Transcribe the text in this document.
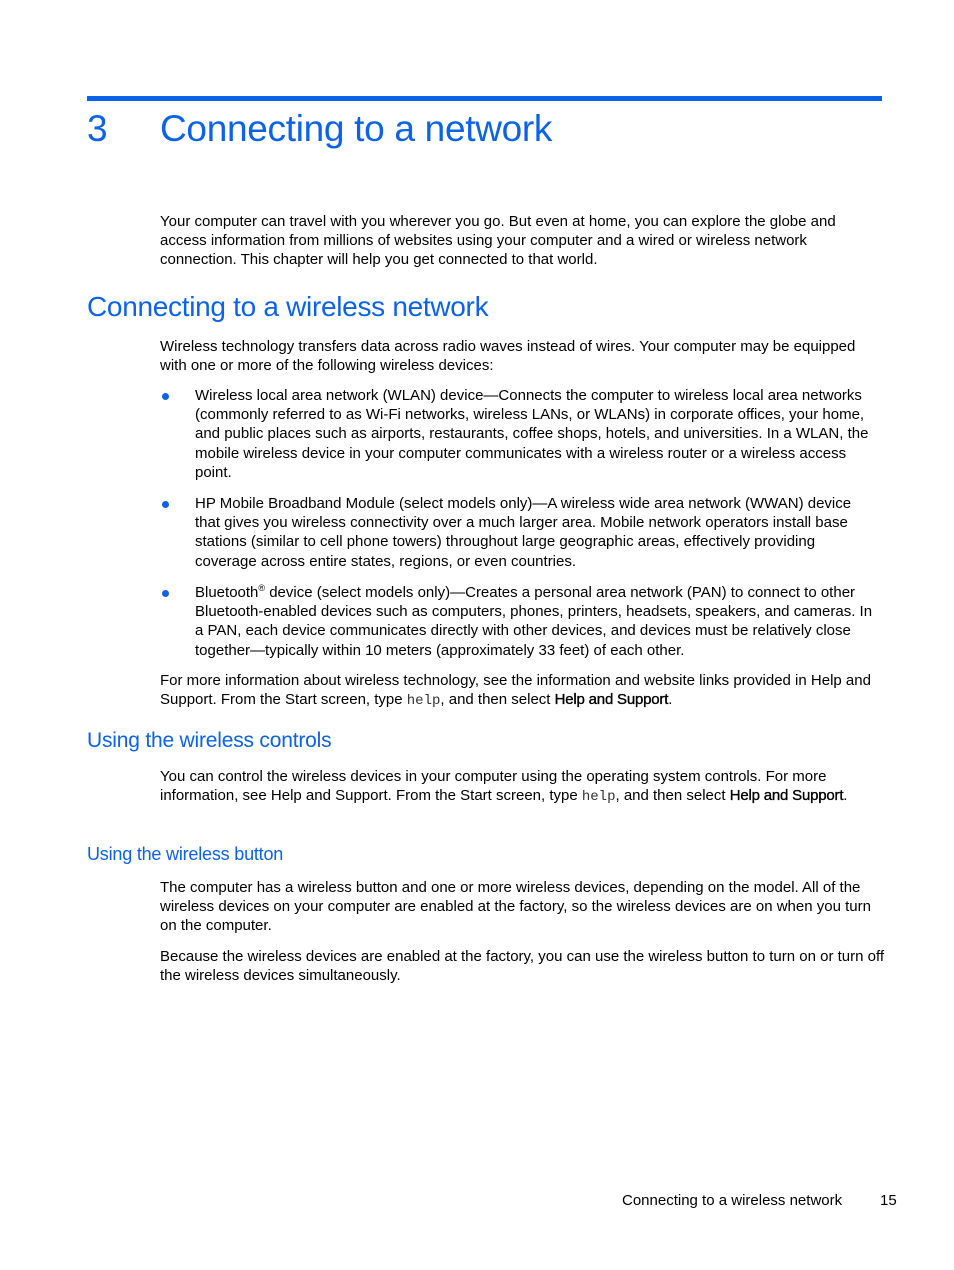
3 Connecting to a network

Your computer can travel with you wherever you go. But even at home, you can explore the globe and access information from millions of websites using your computer and a wired or wireless network connection. This chapter will help you get connected to that world.

Connecting to a wireless network

Wireless technology transfers data across radio waves instead of wires. Your computer may be equipped with one or more of the following wireless devices:

Wireless local area network (WLAN) device—Connects the computer to wireless local area networks (commonly referred to as Wi-Fi networks, wireless LANs, or WLANs) in corporate offices, your home, and public places such as airports, restaurants, coffee shops, hotels, and universities. In a WLAN, the mobile wireless device in your computer communicates with a wireless router or a wireless access point.
HP Mobile Broadband Module (select models only)—A wireless wide area network (WWAN) device that gives you wireless connectivity over a much larger area. Mobile network operators install base stations (similar to cell phone towers) throughout large geographic areas, effectively providing coverage across entire states, regions, or even countries.
Bluetooth® device (select models only)—Creates a personal area network (PAN) to connect to other Bluetooth-enabled devices such as computers, phones, printers, headsets, speakers, and cameras. In a PAN, each device communicates directly with other devices, and devices must be relatively close together—typically within 10 meters (approximately 33 feet) of each other.

For more information about wireless technology, see the information and website links provided in Help and Support. From the Start screen, type help, and then select Help and Support.

Using the wireless controls

You can control the wireless devices in your computer using the operating system controls. For more information, see Help and Support. From the Start screen, type help, and then select Help and Support.

Using the wireless button

The computer has a wireless button and one or more wireless devices, depending on the model. All of the wireless devices on your computer are enabled at the factory, so the wireless devices are on when you turn on the computer.

Because the wireless devices are enabled at the factory, you can use the wireless button to turn on or turn off the wireless devices simultaneously.

Connecting to a wireless network	15
